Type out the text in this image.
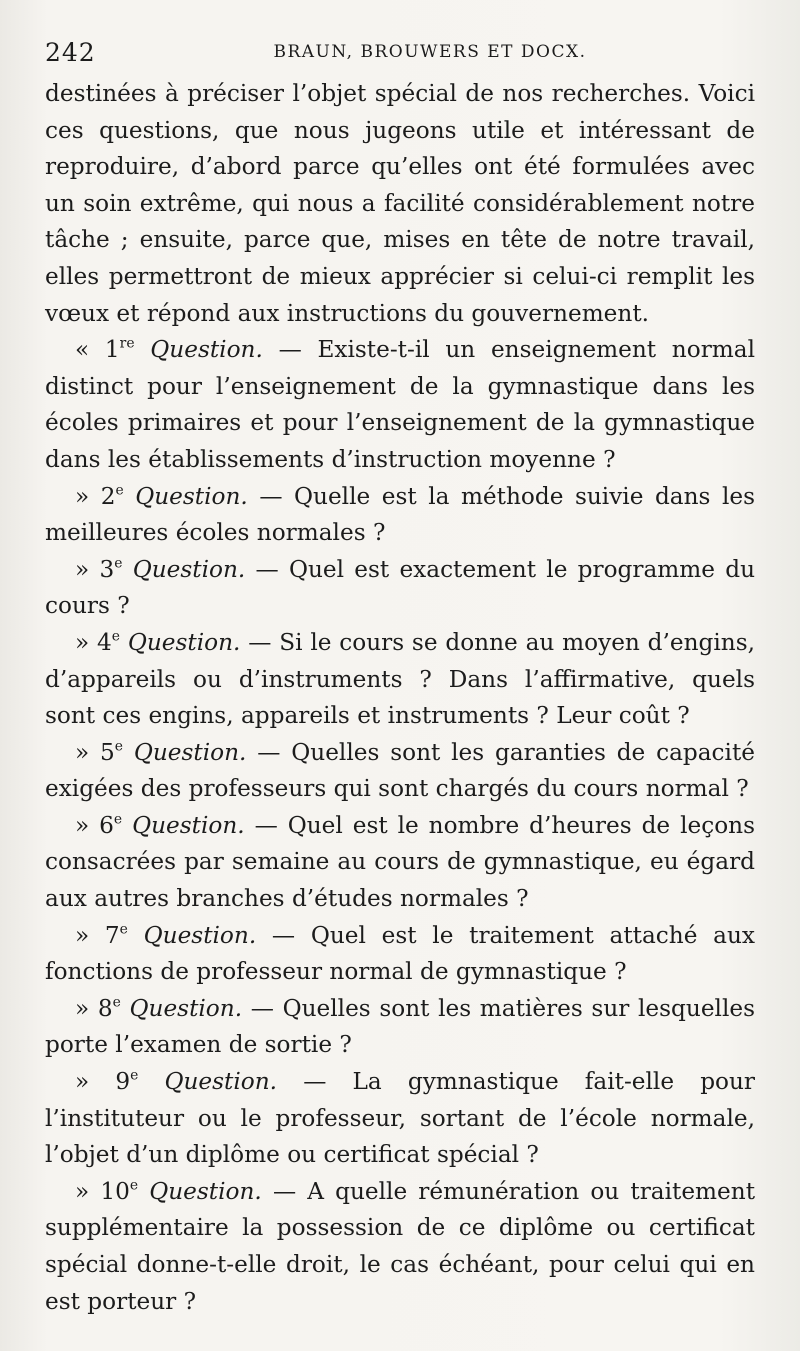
242	BRAUN, BROUWERS ET DOCX.

destinées à préciser l’objet spécial de nos recherches. Voici ces questions, que nous jugeons utile et intéressant de reproduire, d’abord parce qu’elles ont été formulées avec un soin extrême, qui nous a facilité considérablement notre tâche ; ensuite, parce que, mises en tête de notre travail, elles permettront de mieux apprécier si celui-ci remplit les vœux et répond aux instructions du gouvernement.

« 1re Question. — Existe-t-il un enseignement normal distinct pour l’enseignement de la gymnastique dans les écoles primaires et pour l’enseignement de la gymnastique dans les établissements d’instruction moyenne ?

» 2e Question. — Quelle est la méthode suivie dans les meilleures écoles normales ?

» 3e Question. — Quel est exactement le programme du cours ?

» 4e Question. — Si le cours se donne au moyen d’engins, d’appareils ou d’instruments ? Dans l’affirmative, quels sont ces engins, appareils et instruments ? Leur coût ?

» 5e Question. — Quelles sont les garanties de capacité exigées des professeurs qui sont chargés du cours normal ?

» 6e Question. — Quel est le nombre d’heures de leçons consacrées par semaine au cours de gymnastique, eu égard aux autres branches d’études normales ?

» 7e Question. — Quel est le traitement attaché aux fonctions de professeur normal de gymnastique ?

» 8e Question. — Quelles sont les matières sur lesquelles porte l’examen de sortie ?

» 9e Question. — La gymnastique fait-elle pour l’instituteur ou le professeur, sortant de l’école normale, l’objet d’un diplôme ou certificat spécial ?

» 10e Question. — A quelle rémunération ou traitement supplémentaire la possession de ce diplôme ou certificat spécial donne-t-elle droit, le cas échéant, pour celui qui en est porteur ?
